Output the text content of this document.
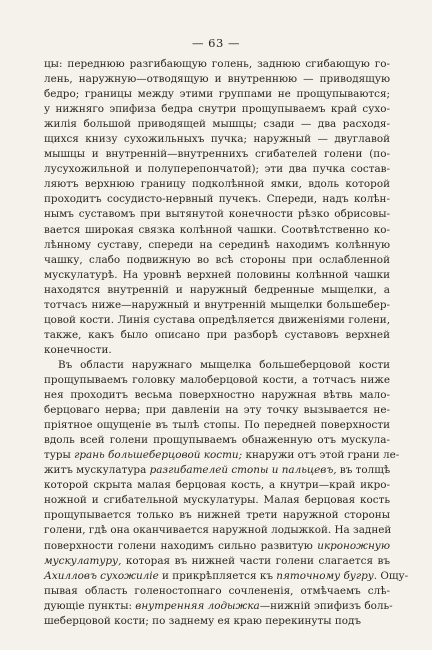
— 63 —
цы: переднюю разгибающую голень, заднюю сгибающую го-
лень, наружную—отводящую и внутреннюю — приводящую
бедро; границы между этими группами не прощупываются;
у нижняго эпифиза бедра снутри прощупываемъ край сухо-
жилія большой приводящей мышцы; сзади — два расходя-
щихся книзу сухожильныхъ пучка; наружный — двуглавой
мышцы и внутренній—внутреннихъ сгибателей голени (по-
лусухожильной и полуперепончатой); эти два пучка состав-
ляютъ верхнюю границу подколѣнной ямки, вдоль которой
проходитъ сосудисто-нервный пучекъ. Спереди, надъ колѣн-
нымъ суставомъ при вытянутой конечности рѣзко обрисовы-
вается широкая связка колѣнной чашки. Соотвѣтственно ко-
лѣнному суставу, спереди на серединѣ находимъ колѣнную
чашку, слабо подвижную во всѣ стороны при ослабленной
мускулатурѣ. На уровнѣ верхней половины колѣнной чашки
находятся внутренній и наружный бедренные мыщелки, а
тотчасъ ниже—наружный и внутренній мыщелки большебер-
цовой кости. Линія сустава опредѣляется движеніями голени,
также, какъ было описано при разборѣ суставовъ верхней
конечности.
Въ области наружнаго мыщелка большеберцовой кости
прощупываемъ головку малоберцовой кости, а тотчасъ ниже
нея проходитъ весьма поверхностно наружная вѣтвь мало-
берцоваго нерва; при давленіи на эту точку вызывается не-
пріятное ощущеніе въ тылѣ стопы. По передней поверхности
вдоль всей голени прощупываемъ обнаженную отъ мускула-
туры грань большеберцовой кости; кнаружи отъ этой грани ле-
житъ мускулатура разгибателей стопы и пальцевъ, въ толщѣ
которой скрыта малая берцовая кость, а кнутри—край икро-
ножной и сгибательной мускулатуры. Малая берцовая кость
прощупывается только въ нижней трети наружной стороны
голени, гдѣ она оканчивается наружной лодыжкой. На задней
поверхности голени находимъ сильно развитую икроножную
мускулатуру, которая въ нижней части голени слагается въ
Ахилловъ сухожиліе и прикрѣпляется къ пяточному бугру. Ощу-
пывая область голеностопнаго сочлененія, отмѣчаемъ слѣ-
дующіе пункты: внутренняя лодыжка—нижній эпифизъ боль-
шеберцовой кости; по заднему ея краю перекинуты подъ
